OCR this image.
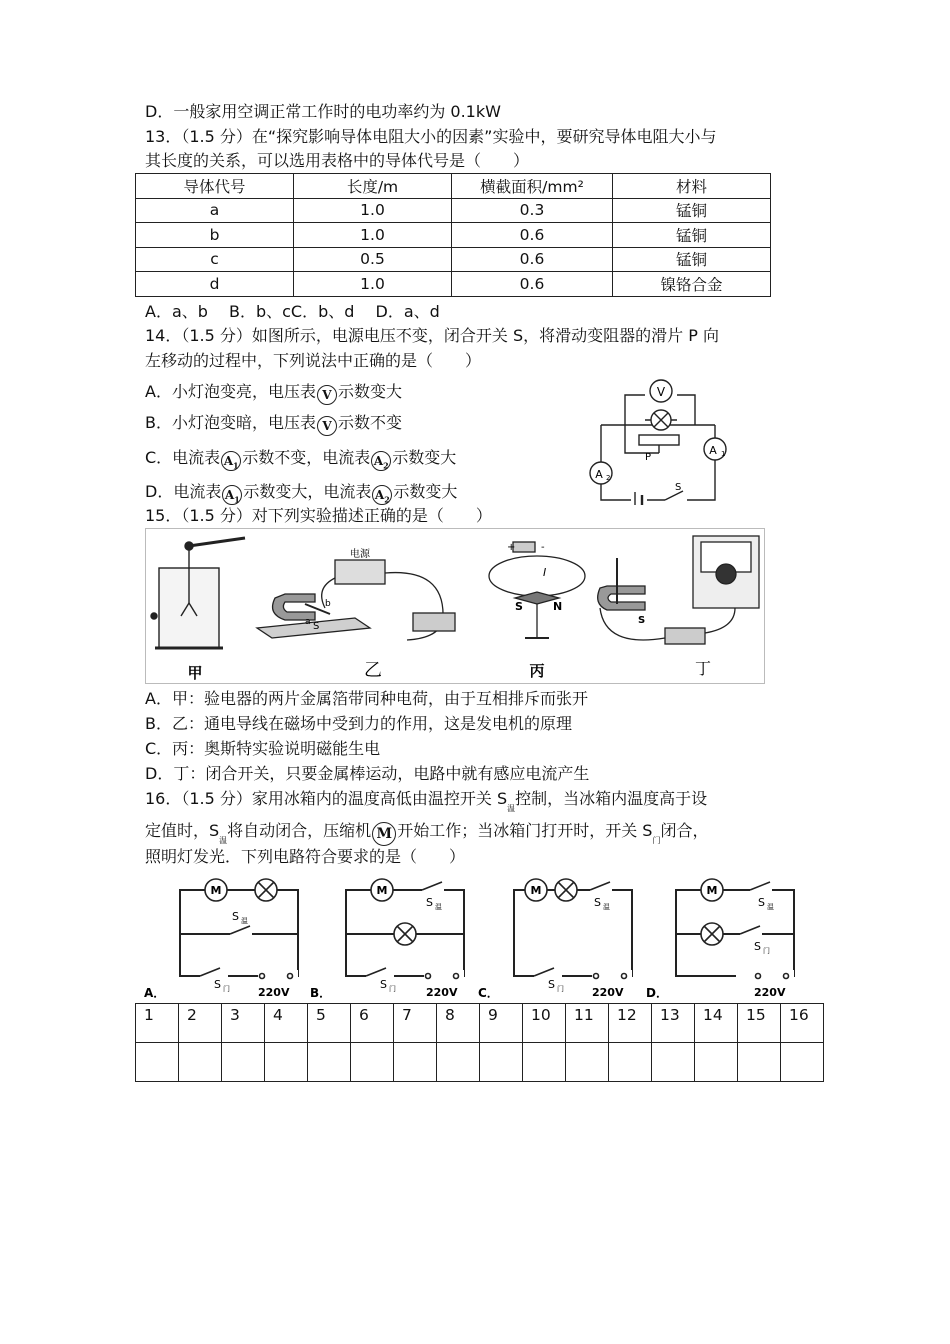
D．一般家用空调正常工作时的电功率约为 0.1kW
13．（1.5 分）在“探究影响导体电阻大小的因素”实验中，要研究导体电阻大小与
其长度的关系，可以选用表格中的导体代号是（　　）
导体代号	长度/m	横截面积/mm²	材料
a	1.0	0.3	锰铜
b	1.0	0.6	锰铜
c	0.5	0.6	锰铜
d	1.0	0.6	镍铬合金
A．a、b　 B．b、cC．b、d　 D．a、d
14．（1.5 分）如图所示，电源电压不变，闭合开关 S，将滑动变阻器的滑片 P 向
左移动的过程中，下列说法中正确的是（　　）
A．小灯泡变亮，电压表 V 示数变大
B．小灯泡变暗，电压表 V 示数不变
C．电流表 $A_1$ 示数不变，电流表 $A_2$ 示数变大
D．电流表 $A_1$ 示数变大，电流表 $A_2$ 示数变大
V
P
A 1
A 2
S
15．（1.5 分）对下列实验描述正确的是（　　）
甲
电源
b
a S
乙
+	-
I
S	N
丙
S
丁
A．甲：验电器的两片金属箔带同种电荷，由于互相排斥而张开
B．乙：通电导线在磁场中受到力的作用，这是发电机的原理
C．丙：奥斯特实验说明磁能生电
D．丁：闭合开关，只要金属棒运动，电路中就有感应电流产生
16．（1.5 分）家用冰箱内的温度高低由温控开关 $S_温$控制，当冰箱内温度高于设
定值时，$S_温$将自动闭合，压缩机 M 开始工作；当冰箱门打开时，开关 $S_门$闭合，
照明灯发光．下列电路符合要求的是（　　）
A．	B．	C．	D．
M	M	M	M
S 温
S 门
S 温
S 门
S 温
S 门
S 温
S 门
220V	220V	220V	220V
1	2	3	4	5	6	7	8	9	10	11	12	13	14	15	16
